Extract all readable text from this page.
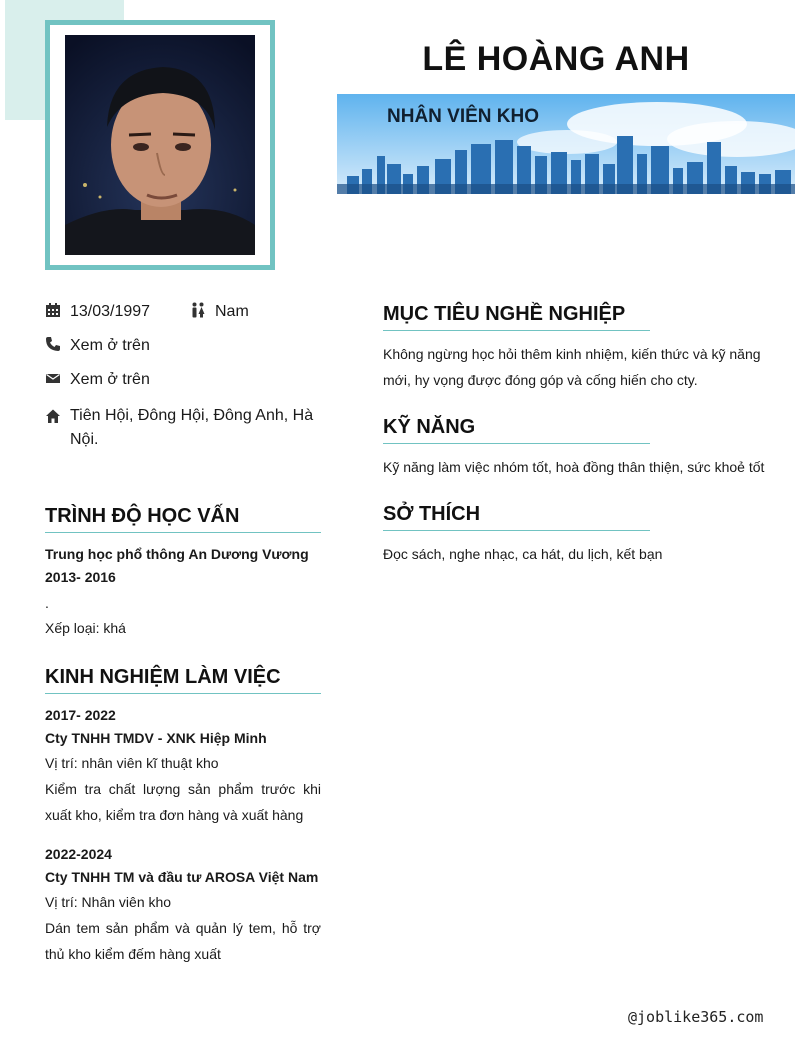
LÊ HOÀNG ANH
NHÂN VIÊN KHO
13/03/1997	Nam
Xem ở trên
Xem ở trên
Tiên Hội, Đông Hội, Đông Anh, Hà Nội.
TRÌNH ĐỘ HỌC VẤN
Trung học phổ thông An Dương Vương
2013- 2016
.
Xếp loại: khá
KINH NGHIỆM LÀM VIỆC
2017- 2022
Cty TNHH TMDV - XNK Hiệp Minh
Vị trí: nhân viên kĩ thuật kho
Kiểm tra chất lượng sản phẩm trước khi xuất kho, kiểm tra đơn hàng và xuất hàng
2022-2024
Cty TNHH TM và đầu tư AROSA Việt Nam
Vị trí: Nhân viên kho
Dán tem sản phẩm và quản lý tem, hỗ trợ thủ kho kiểm đếm hàng xuất
MỤC TIÊU NGHỀ NGHIỆP
Không ngừng học hỏi thêm kinh nhiệm, kiến thức và kỹ năng mới, hy vọng được đóng góp và cống hiến cho cty.
KỸ NĂNG
Kỹ năng làm việc nhóm tốt, hoà đồng thân thiện, sức khoẻ tốt
SỞ THÍCH
Đọc sách, nghe nhạc, ca hát, du lịch, kết bạn
@joblike365.com
